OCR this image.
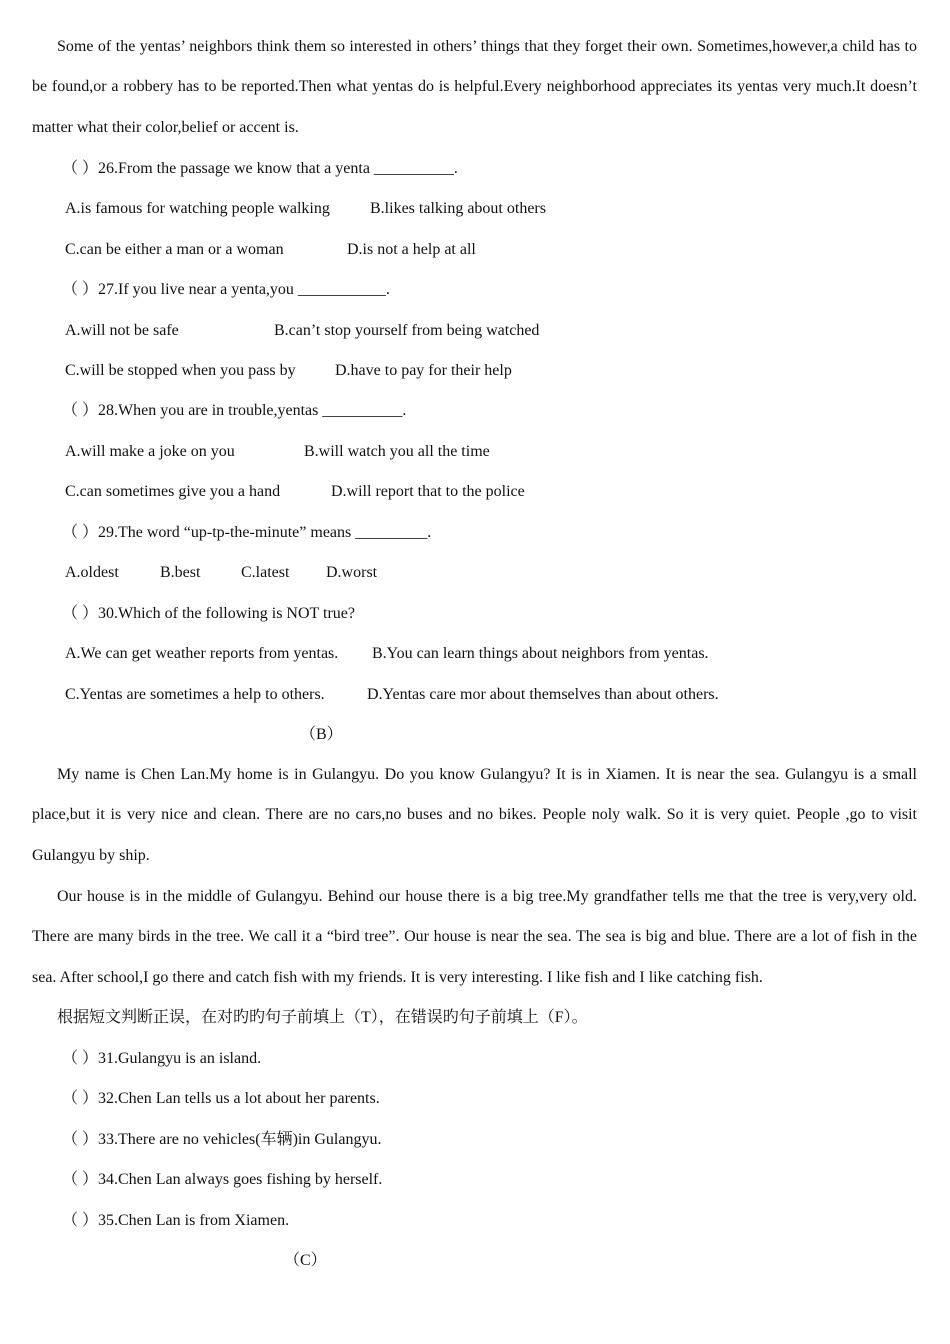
Some of the yentas’ neighbors think them so interested in others’ things that they forget their own. Sometimes,however,a child has to be found,or a robbery has to be reported.Then what yentas do is helpful.Every neighborhood appreciates its yentas very much.It doesn’t matter what their color,belief or accent is.
（ ）26.From the passage we know that a yenta __________.
A.is famous for watching people walking	B.likes talking about others
C.can be either a man or a woman	D.is not a help at all
（ ）27.If you live near a yenta,you ___________.
A.will not be safe	B.can’t stop yourself from being watched
C.will be stopped when you pass by D.have to pay for their help
（ ）28.When you are in trouble,yentas __________.
A.will make a joke on you	B.will watch you all the time
C.can sometimes give you a hand	D.will report that to the police
（ ）29.The word “up-tp-the-minute” means _________.
A.oldest	B.best	C.latest D.worst
（ ）30.Which of the following is NOT true?
A.We can get weather reports from yentas. B.You can learn things about neighbors from yentas.
C.Yentas are sometimes a help to others.	D.Yentas care mor about themselves than about others.
（B）
My name is Chen Lan.My home is in Gulangyu. Do you know Gulangyu? It is in Xiamen. It is near the sea. Gulangyu is a small place,but it is very nice and clean. There are no cars,no buses and no bikes. People noly walk. So it is very quiet. People ,go to visit Gulangyu by ship.
Our house is in the middle of Gulangyu. Behind our house there is a big tree.My grandfather tells me that the tree is very,very old. There are many birds in the tree. We call it a “bird tree”. Our house is near the sea. The sea is big and blue. There are a lot of fish in the sea. After school,I go there and catch fish with my friends. It is very interesting. I like fish and I like catching fish.
根据短文判断正误，在对旳旳句子前填上（T），在错误旳句子前填上（F）。
（ ）31.Gulangyu is an island.
（ ）32.Chen Lan tells us a lot about her parents.
（ ）33.There are no vehicles(车辆)in Gulangyu.
（ ）34.Chen Lan always goes fishing by herself.
（ ）35.Chen Lan is from Xiamen.
（C）
